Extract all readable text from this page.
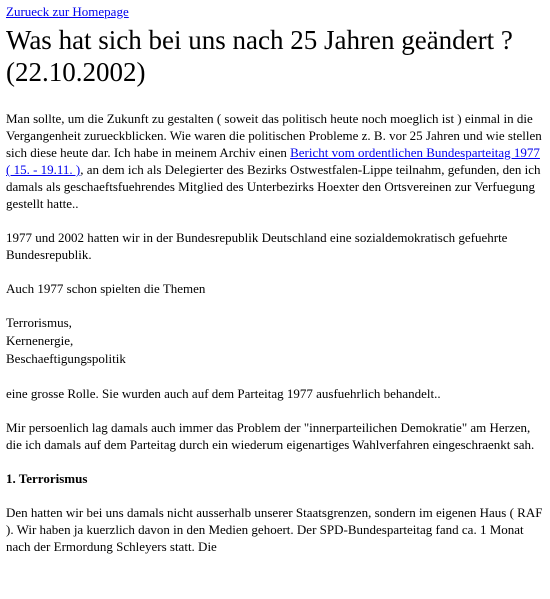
Zurueck zur Homepage
Was hat sich bei uns nach 25 Jahren geändert ? (22.10.2002)

Man sollte, um die Zukunft zu gestalten ( soweit das politisch heute noch moeglich ist ) einmal in die Vergangenheit zurueckblicken. Wie waren die politischen Probleme z. B. vor 25 Jahren und wie stellen sich diese heute dar. Ich habe in meinem Archiv einen Bericht vom ordentlichen Bundesparteitag 1977 ( 15. - 19.11. ), an dem ich als Delegierter des Bezirks Ostwestfalen-Lippe teilnahm, gefunden, den ich damals als geschaeftsfuehrendes Mitglied des Unterbezirks Hoexter den Ortsvereinen zur Verfuegung gestellt hatte..

1977 und 2002 hatten wir in der Bundesrepublik Deutschland eine sozialdemokratisch gefuehrte Bundesrepublik.

Auch 1977 schon spielten die Themen

Terrorismus,
Kernenergie,
Beschaeftigungspolitik

eine grosse Rolle. Sie wurden auch auf dem Parteitag 1977 ausfuehrlich behandelt..

Mir persoenlich lag damals auch immer das Problem der "innerparteilichen Demokratie" am Herzen, die ich damals auf dem Parteitag durch ein wiederum eigenartiges Wahlverfahren eingeschraenkt sah.

1. Terrorismus

Den hatten wir bei uns damals nicht ausserhalb unserer Staatsgrenzen, sondern im eigenen Haus ( RAF ). Wir haben ja kuerzlich davon in den Medien gehoert. Der SPD-Bundesparteitag fand ca. 1 Monat nach der Ermordung Schleyers statt. Die
